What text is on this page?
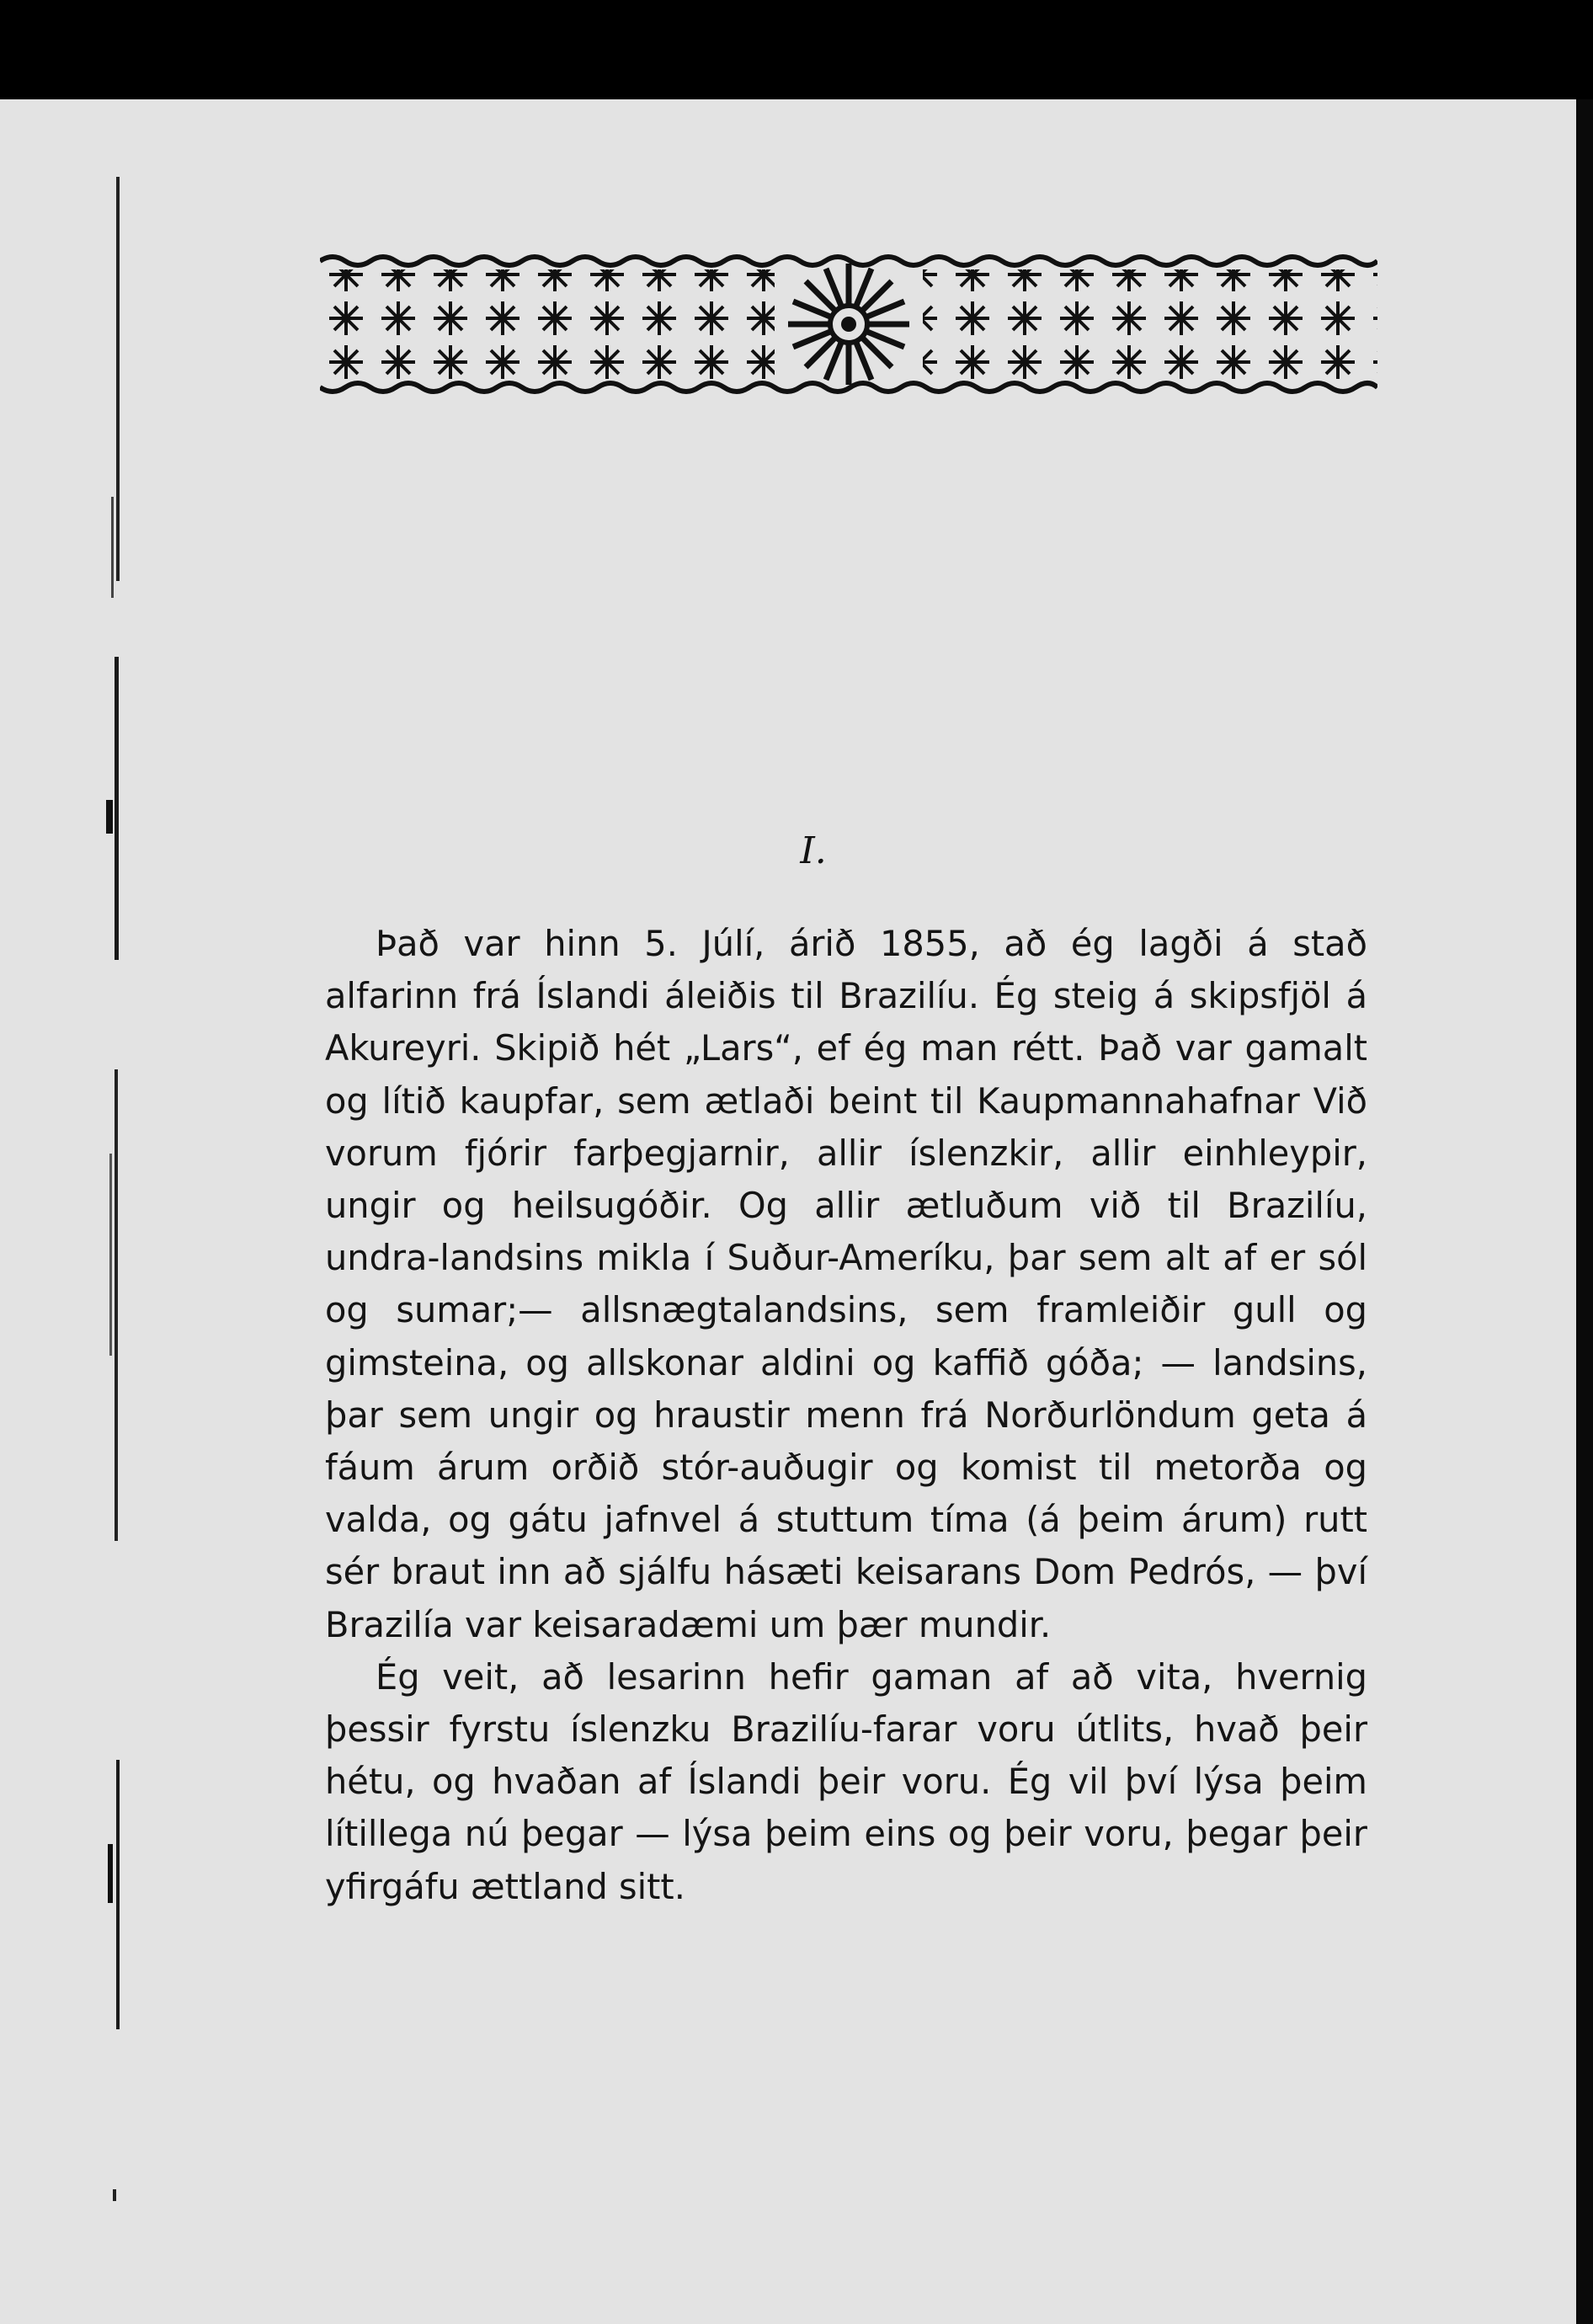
I.

Það var hinn 5. Júlí, árið 1855, að ég lagði á stað alfarinn frá Íslandi áleiðis til Brazilíu. Ég steig á skipsfjöl á Akureyri. Skipið hét „Lars“, ef ég man rétt. Það var gamalt og lítið kaupfar, sem ætlaði beint til Kaupmannahafnar Við vorum fjórir farþegjarnir, allir íslenzkir, allir einhleypir, ungir og heilsugóðir. Og allir ætluðum við til Brazilíu, undra-landsins mikla í Suður-Ameríku, þar sem alt af er sól og sumar;— allsnægtalandsins, sem framleiðir gull og gimsteina, og allskonar aldini og kaffið góða; — landsins, þar sem ungir og hraustir menn frá Norðurlöndum geta á fáum árum orðið stór-auðugir og komist til metorða og valda, og gátu jafnvel á stuttum tíma (á þeim árum) rutt sér braut inn að sjálfu hásæti keisarans Dom Pedrós, — því Brazilía var keisaradæmi um þær mundir.

Ég veit, að lesarinn hefir gaman af að vita, hvernig þessir fyrstu íslenzku Brazilíu-farar voru útlits, hvað þeir hétu, og hvaðan af Íslandi þeir voru. Ég vil því lýsa þeim lítillega nú þegar — lýsa þeim eins og þeir voru, þegar þeir yfirgáfu ættland sitt.
